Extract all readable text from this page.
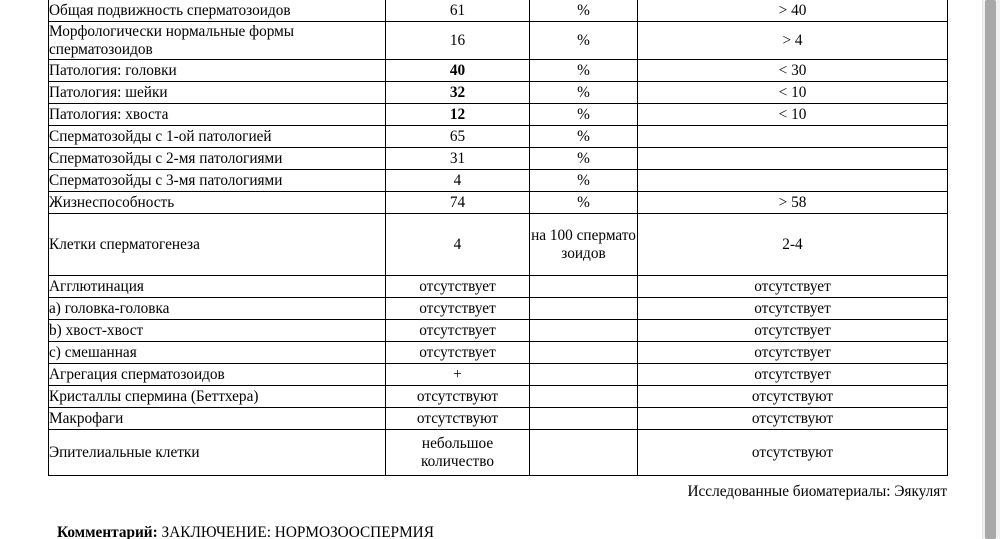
Общая подвижность сперматозоидов	61	%	> 40
Морфологически нормальные формы сперматозоидов	16	%	> 4
Патология: головки	40	%	< 30
Патология: шейки	32	%	< 10
Патология: хвоста	12	%	< 10
Сперматозойды с 1-ой патологией	65	%	
Сперматозойды с 2-мя патологиями	31	%	
Сперматозойды с 3-мя патологиями	4	%	
Жизнеспособность	74	%	> 58
Клетки сперматогенеза	4	на 100 сперматозоидов	2-4
Агглютинация	отсутствует		отсутствует
a) головка-головка	отсутствует		отсутствует
b) хвост-хвост	отсутствует		отсутствует
c) смешанная	отсутствует		отсутствует
Агрегация сперматозоидов	+		отсутствует
Кристаллы спермина (Беттхера)	отсутствуют		отсутствуют
Макрофаги	отсутствуют		отсутствуют
Эпителиальные клетки	небольшое количество		отсутствуют
Исследованные биоматериалы: Эякулят
Комментарий: ЗАКЛЮЧЕНИЕ: НОРМОЗООСПЕРМИЯ
